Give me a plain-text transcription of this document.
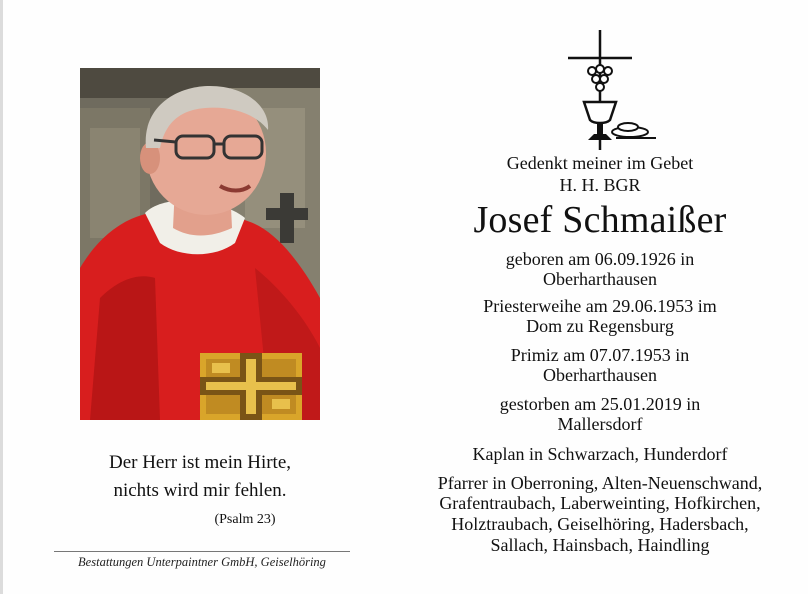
Der Herr ist mein Hirte,
nichts wird mir fehlen.
(Psalm 23)
Bestattungen Unterpaintner GmbH, Geiselhöring
Gedenkt meiner im Gebet
H. H. BGR
Josef Schmaißer
geboren am 06.09.1926 in
Oberharthausen
Priesterweihe am 29.06.1953 im
Dom zu Regensburg
Primiz am 07.07.1953 in
Oberharthausen
gestorben am 25.01.2019 in
Mallersdorf
Kaplan in Schwarzach, Hunderdorf
Pfarrer in Oberroning, Alten-Neuenschwand,
Grafentraubach, Laberweinting, Hofkirchen,
Holztraubach, Geiselhöring, Hadersbach,
Sallach, Hainsbach, Haindling
